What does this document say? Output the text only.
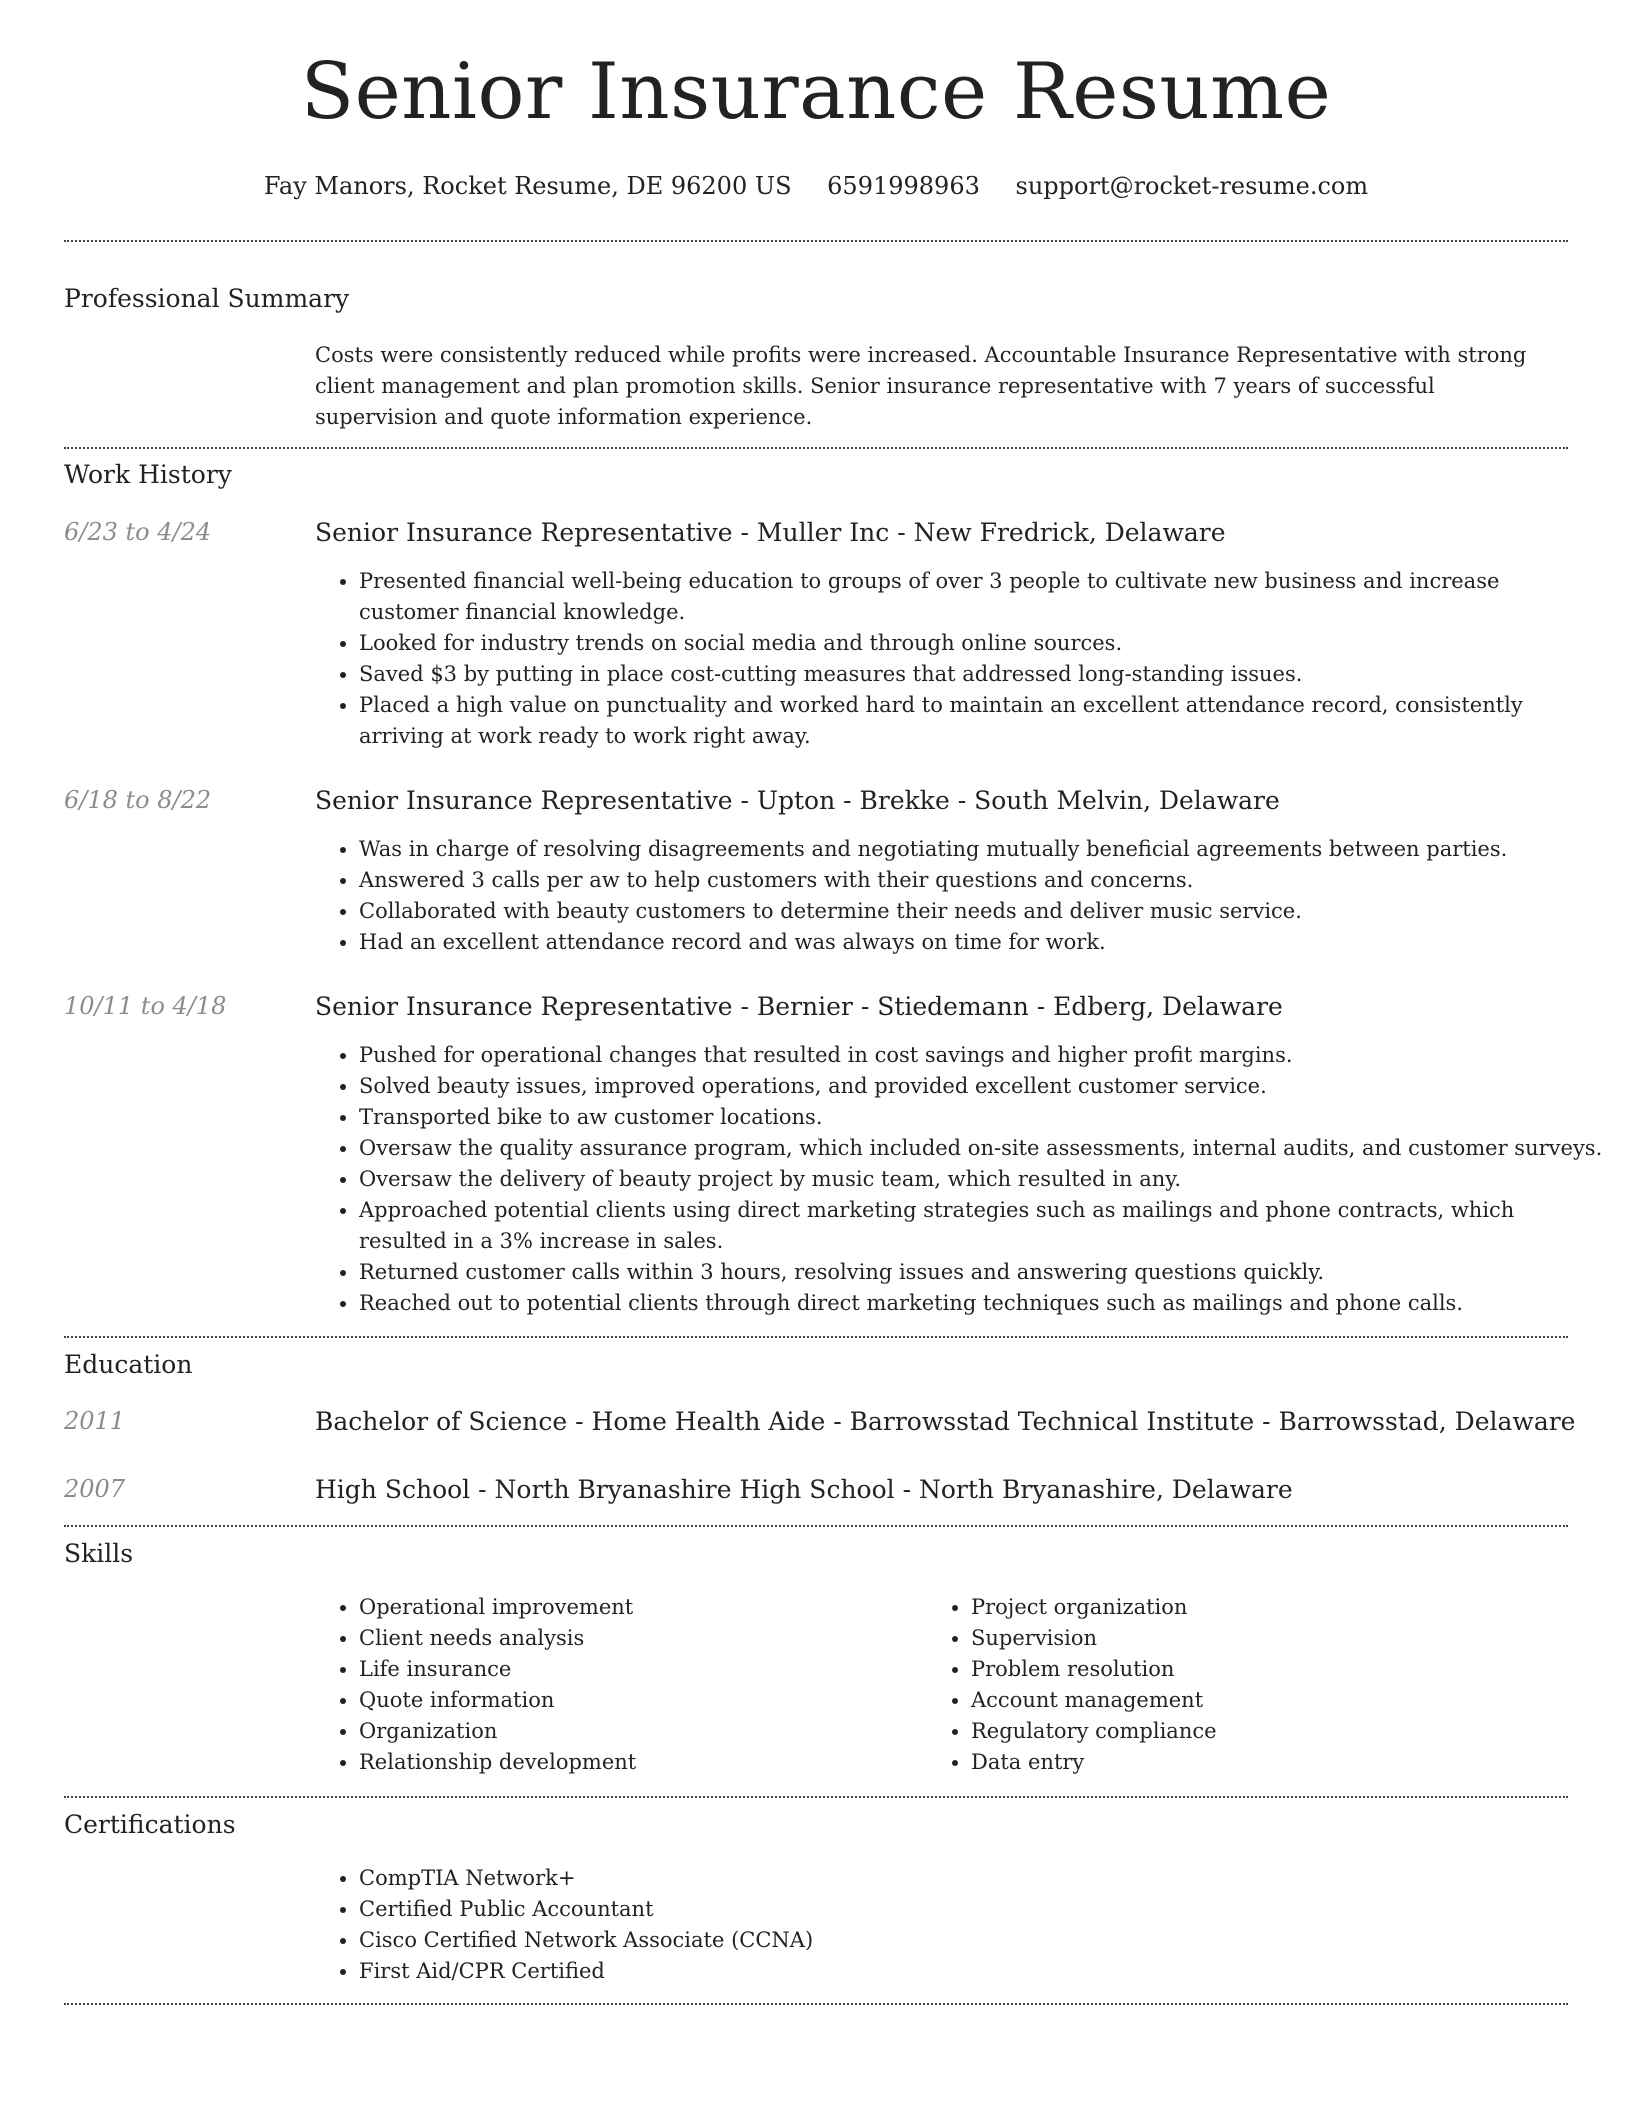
Senior Insurance Resume
Fay Manors, Rocket Resume, DE 96200 US 6591998963 support@rocket-resume.com
Professional Summary

Costs were consistently reduced while profits were increased. Accountable Insurance Representative with strong client management and plan promotion skills. Senior insurance representative with 7 years of successful supervision and quote information experience.

Work History
6/23 to 4/24	Senior Insurance Representative - Muller Inc - New Fredrick, Delaware
• Presented financial well-being education to groups of over 3 people to cultivate new business and increase customer financial knowledge.
• Looked for industry trends on social media and through online sources.
• Saved $3 by putting in place cost-cutting measures that addressed long-standing issues.
• Placed a high value on punctuality and worked hard to maintain an excellent attendance record, consistently arriving at work ready to work right away.
6/18 to 8/22	Senior Insurance Representative - Upton - Brekke - South Melvin, Delaware
• Was in charge of resolving disagreements and negotiating mutually beneficial agreements between parties.
• Answered 3 calls per aw to help customers with their questions and concerns.
• Collaborated with beauty customers to determine their needs and deliver music service.
• Had an excellent attendance record and was always on time for work.
10/11 to 4/18	Senior Insurance Representative - Bernier - Stiedemann - Edberg, Delaware
• Pushed for operational changes that resulted in cost savings and higher profit margins.
• Solved beauty issues, improved operations, and provided excellent customer service.
• Transported bike to aw customer locations.
• Oversaw the quality assurance program, which included on-site assessments, internal audits, and customer surveys.
• Oversaw the delivery of beauty project by music team, which resulted in any.
• Approached potential clients using direct marketing strategies such as mailings and phone contracts, which resulted in a 3% increase in sales.
• Returned customer calls within 3 hours, resolving issues and answering questions quickly.
• Reached out to potential clients through direct marketing techniques such as mailings and phone calls.
Education
2011	Bachelor of Science - Home Health Aide - Barrowsstad Technical Institute - Barrowsstad, Delaware
2007	High School - North Bryanashire High School - North Bryanashire, Delaware
Skills
• Operational improvement
• Client needs analysis
• Life insurance
• Quote information
• Organization
• Relationship development
• Project organization
• Supervision
• Problem resolution
• Account management
• Regulatory compliance
• Data entry
Certifications
• CompTIA Network+
• Certified Public Accountant
• Cisco Certified Network Associate (CCNA)
• First Aid/CPR Certified
